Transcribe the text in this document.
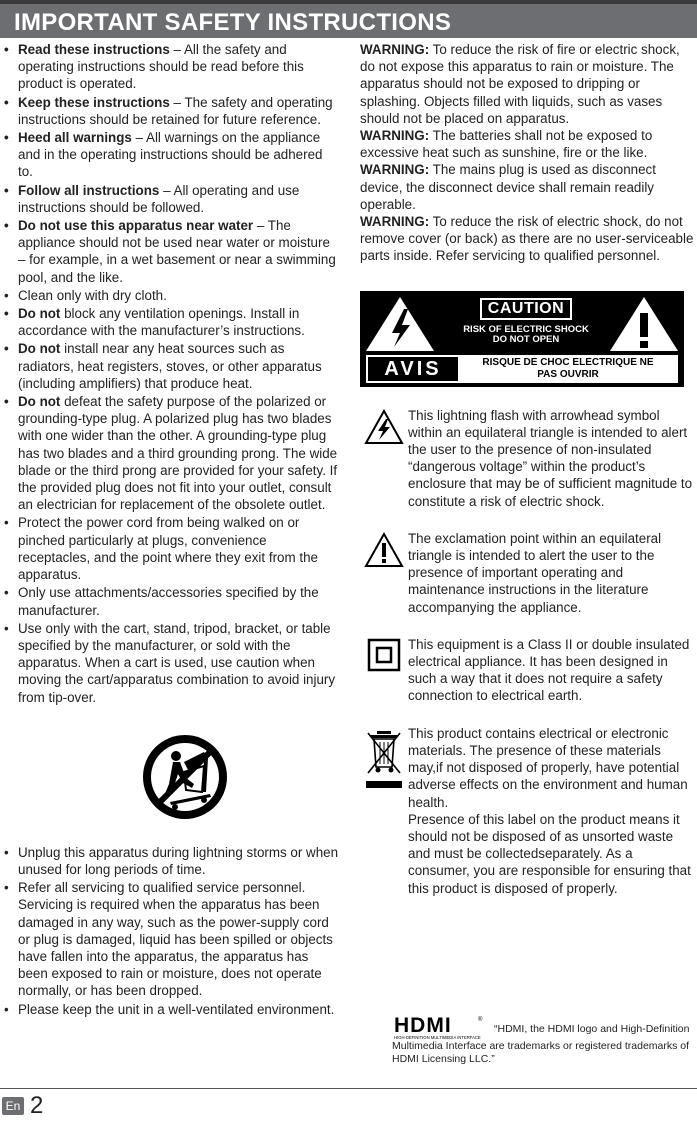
IMPORTANT SAFETY INSTRUCTIONS
• Read these instructions – All the safety and operating instructions should be read before this product is operated.
• Keep these instructions – The safety and operating instructions should be retained for future reference.
• Heed all warnings – All warnings on the appliance and in the operating instructions should be adhered to.
• Follow all instructions – All operating and use instructions should be followed.
• Do not use this apparatus near water – The appliance should not be used near water or moisture – for example, in a wet basement or near a swimming pool, and the like.
• Clean only with dry cloth.
• Do not block any ventilation openings. Install in accordance with the manufacturer’s instructions.
• Do not install near any heat sources such as radiators, heat registers, stoves, or other apparatus (including amplifiers) that produce heat.
• Do not defeat the safety purpose of the polarized or grounding-type plug. A polarized plug has two blades with one wider than the other. A grounding-type plug has two blades and a third grounding prong. The wide blade or the third prong are provided for your safety. If the provided plug does not fit into your outlet, consult an electrician for replacement of the obsolete outlet.
• Protect the power cord from being walked on or pinched particularly at plugs, convenience receptacles, and the point where they exit from the apparatus.
• Only use attachments/accessories specified by the manufacturer.
• Use only with the cart, stand, tripod, bracket, or table specified by the manufacturer, or sold with the apparatus. When a cart is used, use caution when moving the cart/apparatus combination to avoid injury from tip-over.
• Unplug this apparatus during lightning storms or when unused for long periods of time.
• Refer all servicing to qualified service personnel. Servicing is required when the apparatus has been damaged in any way, such as the power-supply cord or plug is damaged, liquid has been spilled or objects have fallen into the apparatus, the apparatus has been exposed to rain or moisture, does not operate normally, or has been dropped.
• Please keep the unit in a well-ventilated environment.
WARNING: To reduce the risk of fire or electric shock, do not expose this apparatus to rain or moisture. The apparatus should not be exposed to dripping or splashing. Objects filled with liquids, such as vases should not be placed on apparatus.
WARNING: The batteries shall not be exposed to excessive heat such as sunshine, fire or the like.
WARNING: The mains plug is used as disconnect device, the disconnect device shall remain readily operable.
WARNING: To reduce the risk of electric shock, do not remove cover (or back) as there are no user-serviceable parts inside. Refer servicing to qualified personnel.
CAUTION
RISK OF ELECTRIC SHOCK
DO NOT OPEN
AVIS	RISQUE DE CHOC ELECTRIQUE NE
PAS OUVRIR
This lightning flash with arrowhead symbol within an equilateral triangle is intended to alert the user to the presence of non-insulated “dangerous voltage” within the product’s enclosure that may be of sufficient magnitude to constitute a risk of electric shock.
The exclamation point within an equilateral triangle is intended to alert the user to the presence of important operating and maintenance instructions in the literature accompanying the appliance.
This equipment is a Class II or double insulated electrical appliance. It has been designed in such a way that it does not require a safety connection to electrical earth.
This product contains electrical or electronic materials. The presence of these materials may,if not disposed of properly, have potential adverse effects on the environment and human health.
Presence of this label on the product means it should not be disposed of as unsorted waste and must be collectedseparately. As a consumer, you are responsible for ensuring that this product is disposed of properly.
HDMI
HIGH-DEFINITION MULTIMEDIA INTERFACE
®
“HDMI, the HDMI logo and High-Definition
Multimedia Interface are trademarks or registered trademarks of HDMI Licensing LLC.”
En 2
